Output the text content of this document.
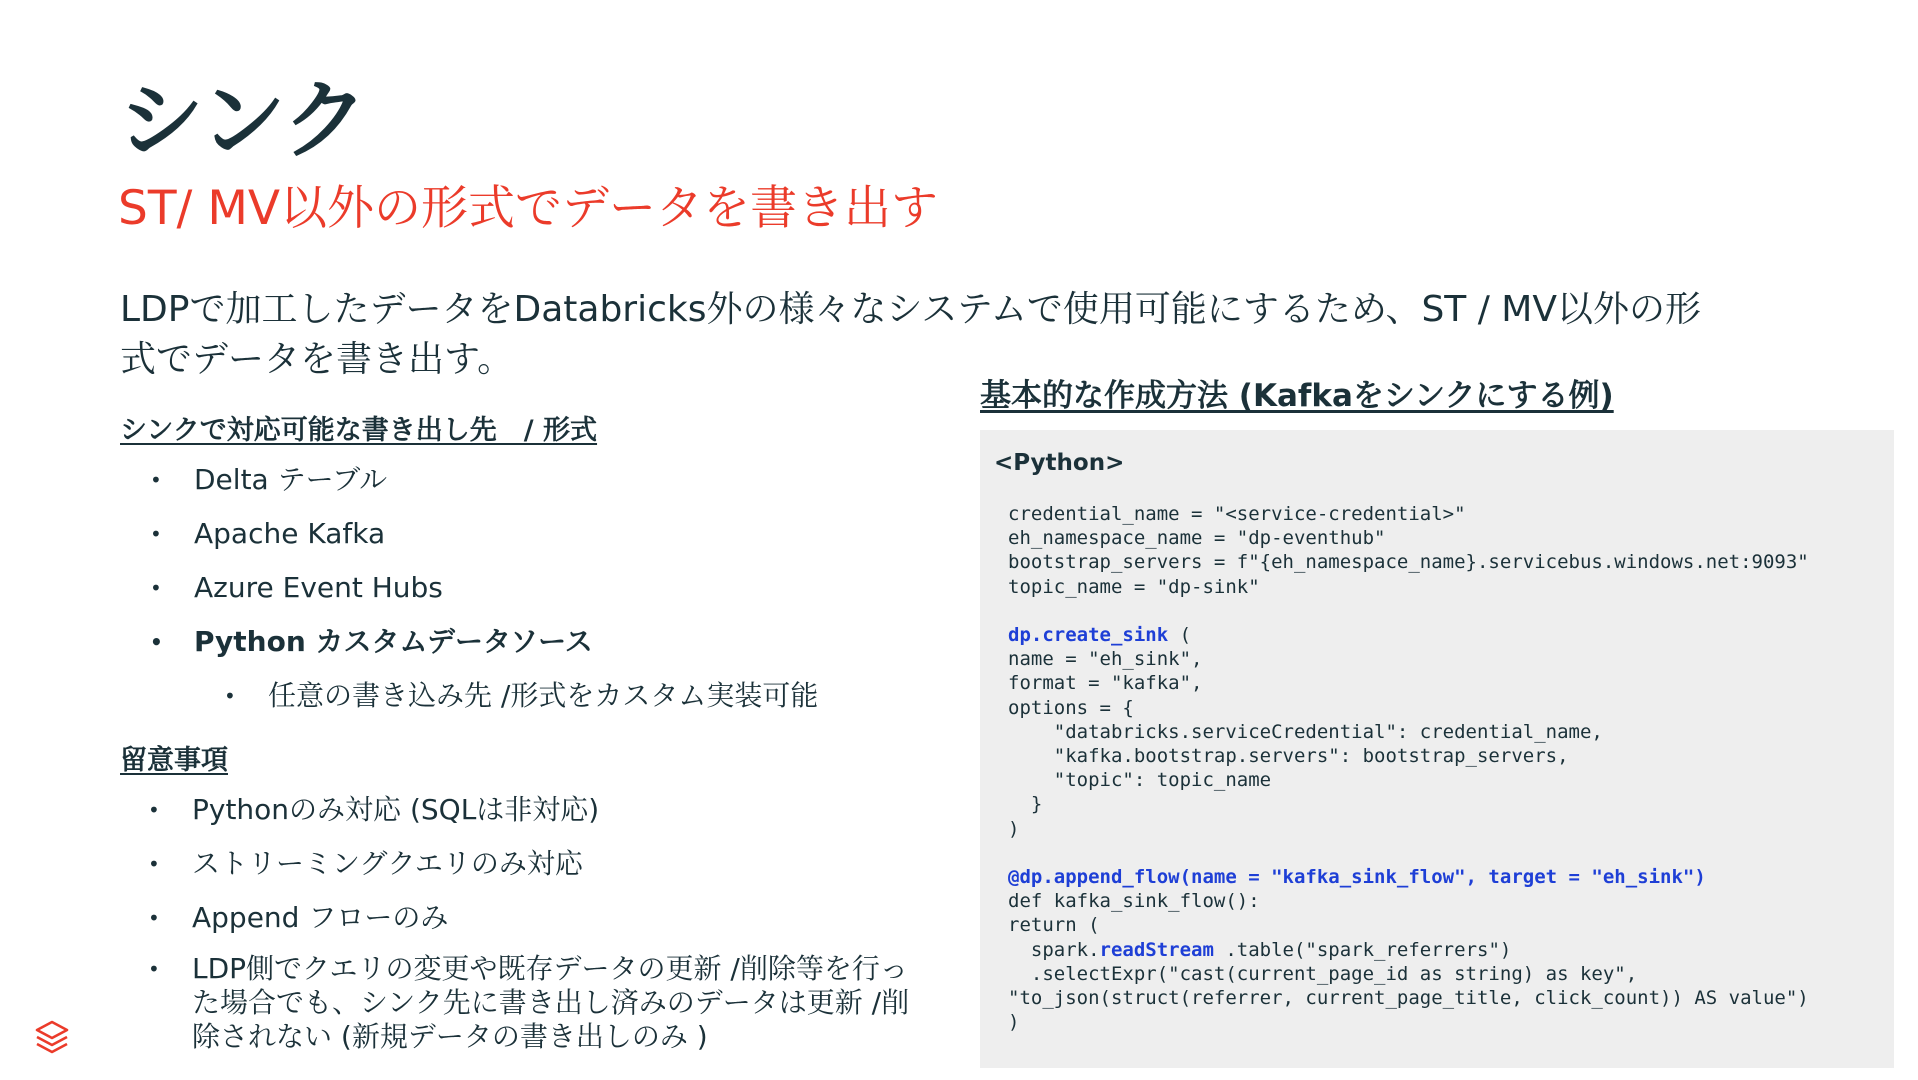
シンク
ST/ MV以外の形式でデータを書き出す
LDPで加工したデータをDatabricks外の様々なシステムで使用可能にするため、ST / MV以外の形式でデータを書き出す。
シンクで対応可能な書き出し先　/ 形式
• Delta テーブル
• Apache Kafka
• Azure Event Hubs
• Python カスタムデータソース
• 任意の書き込み先 /形式をカスタム実装可能
留意事項
• Pythonのみ対応 (SQLは非対応)
• ストリーミングクエリのみ対応
• Append フローのみ
• LDP側でクエリの変更や既存データの更新 /削除等を行った場合でも、シンク先に書き出し済みのデータは更新 /削除されない (新規データの書き出しのみ )
基本的な作成方法 (Kafkaをシンクにする例)
<Python>
credential_name = "<service-credential>"
eh_namespace_name = "dp-eventhub"
bootstrap_servers = f"{eh_namespace_name}.servicebus.windows.net:9093"
topic_name = "dp-sink"

dp.create_sink (
name = "eh_sink",
format = "kafka",
options = {
"databricks.serviceCredential": credential_name,
"kafka.bootstrap.servers": bootstrap_servers,
"topic": topic_name
}
)

@dp.append_flow(name = "kafka_sink_flow", target = "eh_sink")
def kafka_sink_flow():
return (
spark.readStream .table("spark_referrers")
.selectExpr("cast(current_page_id as string) as key",
"to_json(struct(referrer, current_page_title, click_count)) AS value")
)
